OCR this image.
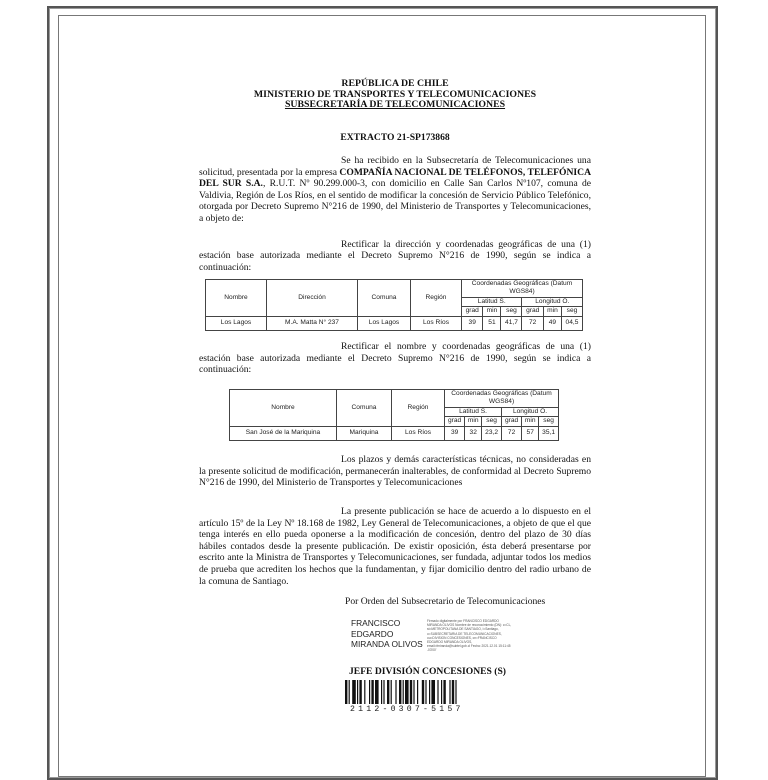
REPÚBLICA DE CHILE
MINISTERIO DE TRANSPORTES Y TELECOMUNICACIONES
SUBSECRETARÍA DE TELECOMUNICACIONES
EXTRACTO 21-SP173868

Se ha recibido en la Subsecretaría de Telecomunicaciones una solicitud, presentada por la empresa COMPAÑÍA NACIONAL DE TELÉFONOS, TELEFÓNICA DEL SUR S.A., R.U.T. Nº 90.299.000-3, con domicilio en Calle San Carlos Nº107, comuna de Valdivia, Región de Los Ríos, en el sentido de modificar la concesión de Servicio Público Telefónico, otorgada por Decreto Supremo N°216 de 1990, del Ministerio de Transportes y Telecomunicaciones, a objeto de:

Rectificar la dirección y coordenadas geográficas de una (1) estación base autorizada mediante el Decreto Supremo N°216 de 1990, según se indica a continuación:

Nombre	Dirección	Comuna	Región	Coordenadas Geográficas (Datum WGS84)					
				Latitud S.			Longitud O.		
				grad	min	seg	grad	min	seg
Los Lagos	M.A. Matta N° 237	Los Lagos	Los Ríos	39	51	41,7	72	49	04,5

Rectificar el nombre y coordenadas geográficas de una (1) estación base autorizada mediante el Decreto Supremo N°216 de 1990, según se indica a continuación:

Nombre	Comuna	Región	Coordenadas Geográficas (Datum WGS84)					
			Latitud S.			Longitud O.		
			grad	min	seg	grad	min	seg
San José de la Mariquina	Mariquina	Los Ríos	39	32	23,2	72	57	35,1

Los plazos y demás características técnicas, no consideradas en la presente solicitud de modificación, permanecerán inalterables, de conformidad al Decreto Supremo N°216 de 1990, del Ministerio de Transportes y Telecomunicaciones

La presente publicación se hace de acuerdo a lo dispuesto en el artículo 15º de la Ley Nº 18.168 de 1982, Ley General de Telecomunicaciones, a objeto de que el que tenga interés en ello pueda oponerse a la modificación de concesión, dentro del plazo de 30 días hábiles contados desde la presente publicación. De existir oposición, ésta deberá presentarse por escrito ante la Ministra de Transportes y Telecomunicaciones, ser fundada, adjuntar todos los medios de prueba que acrediten los hechos que la fundamentan, y fijar domicilio dentro del radio urbano de la comuna de Santiago.

Por Orden del Subsecretario de Telecomunicaciones
FRANCISCO
EDGARDO
MIRANDA OLIVOS
Firmado digitalmente por FRANCISCO EDGARDO MIRANDA OLIVOS Nombre de reconocimiento (DN): c=CL, st=METROPOLITANA DE SANTIAGO, l=Santiago, o=SUBSECRETARIA DE TELECOMUNICACIONES, ou=DIVISION CONCESIONES, cn=FRANCISCO EDGARDO MIRANDA OLIVOS, email=fmiranda@subtel.gob.cl Fecha: 2021.12.01 15:11:45 -03'00'
JEFE DIVISIÓN CONCESIONES (S)
2112-0307-5157
